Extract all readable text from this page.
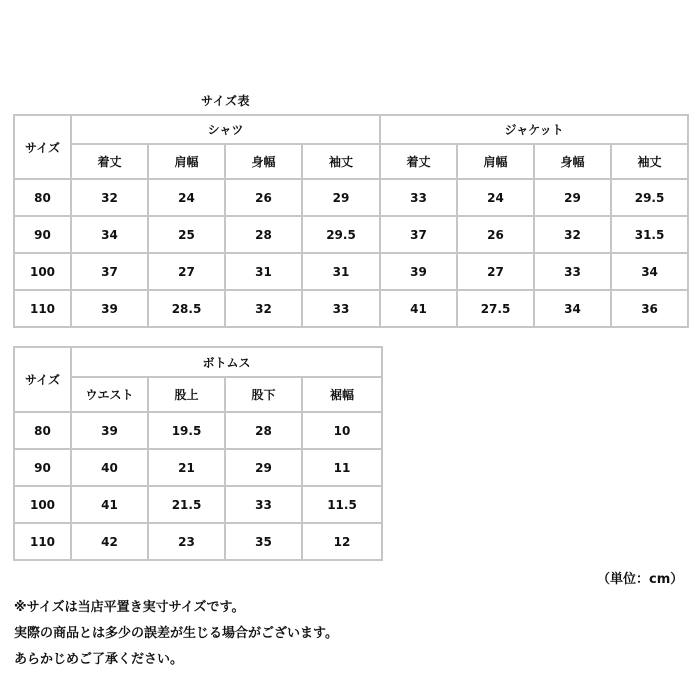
サイズ表
サイズ	シャツ				ジャケット			
	着丈	肩幅	身幅	袖丈	着丈	肩幅	身幅	袖丈
80	32	24	26	29	33	24	29	29.5
90	34	25	28	29.5	37	26	32	31.5
100	37	27	31	31	39	27	33	34
110	39	28.5	32	33	41	27.5	34	36
サイズ	ボトムス			
	ウエスト	股上	股下	裾幅
80	39	19.5	28	10
90	40	21	29	11
100	41	21.5	33	11.5
110	42	23	35	12
（単位：cm）
※サイズは当店平置き実寸サイズです。
実際の商品とは多少の誤差が生じる場合がございます。
あらかじめご了承ください。
